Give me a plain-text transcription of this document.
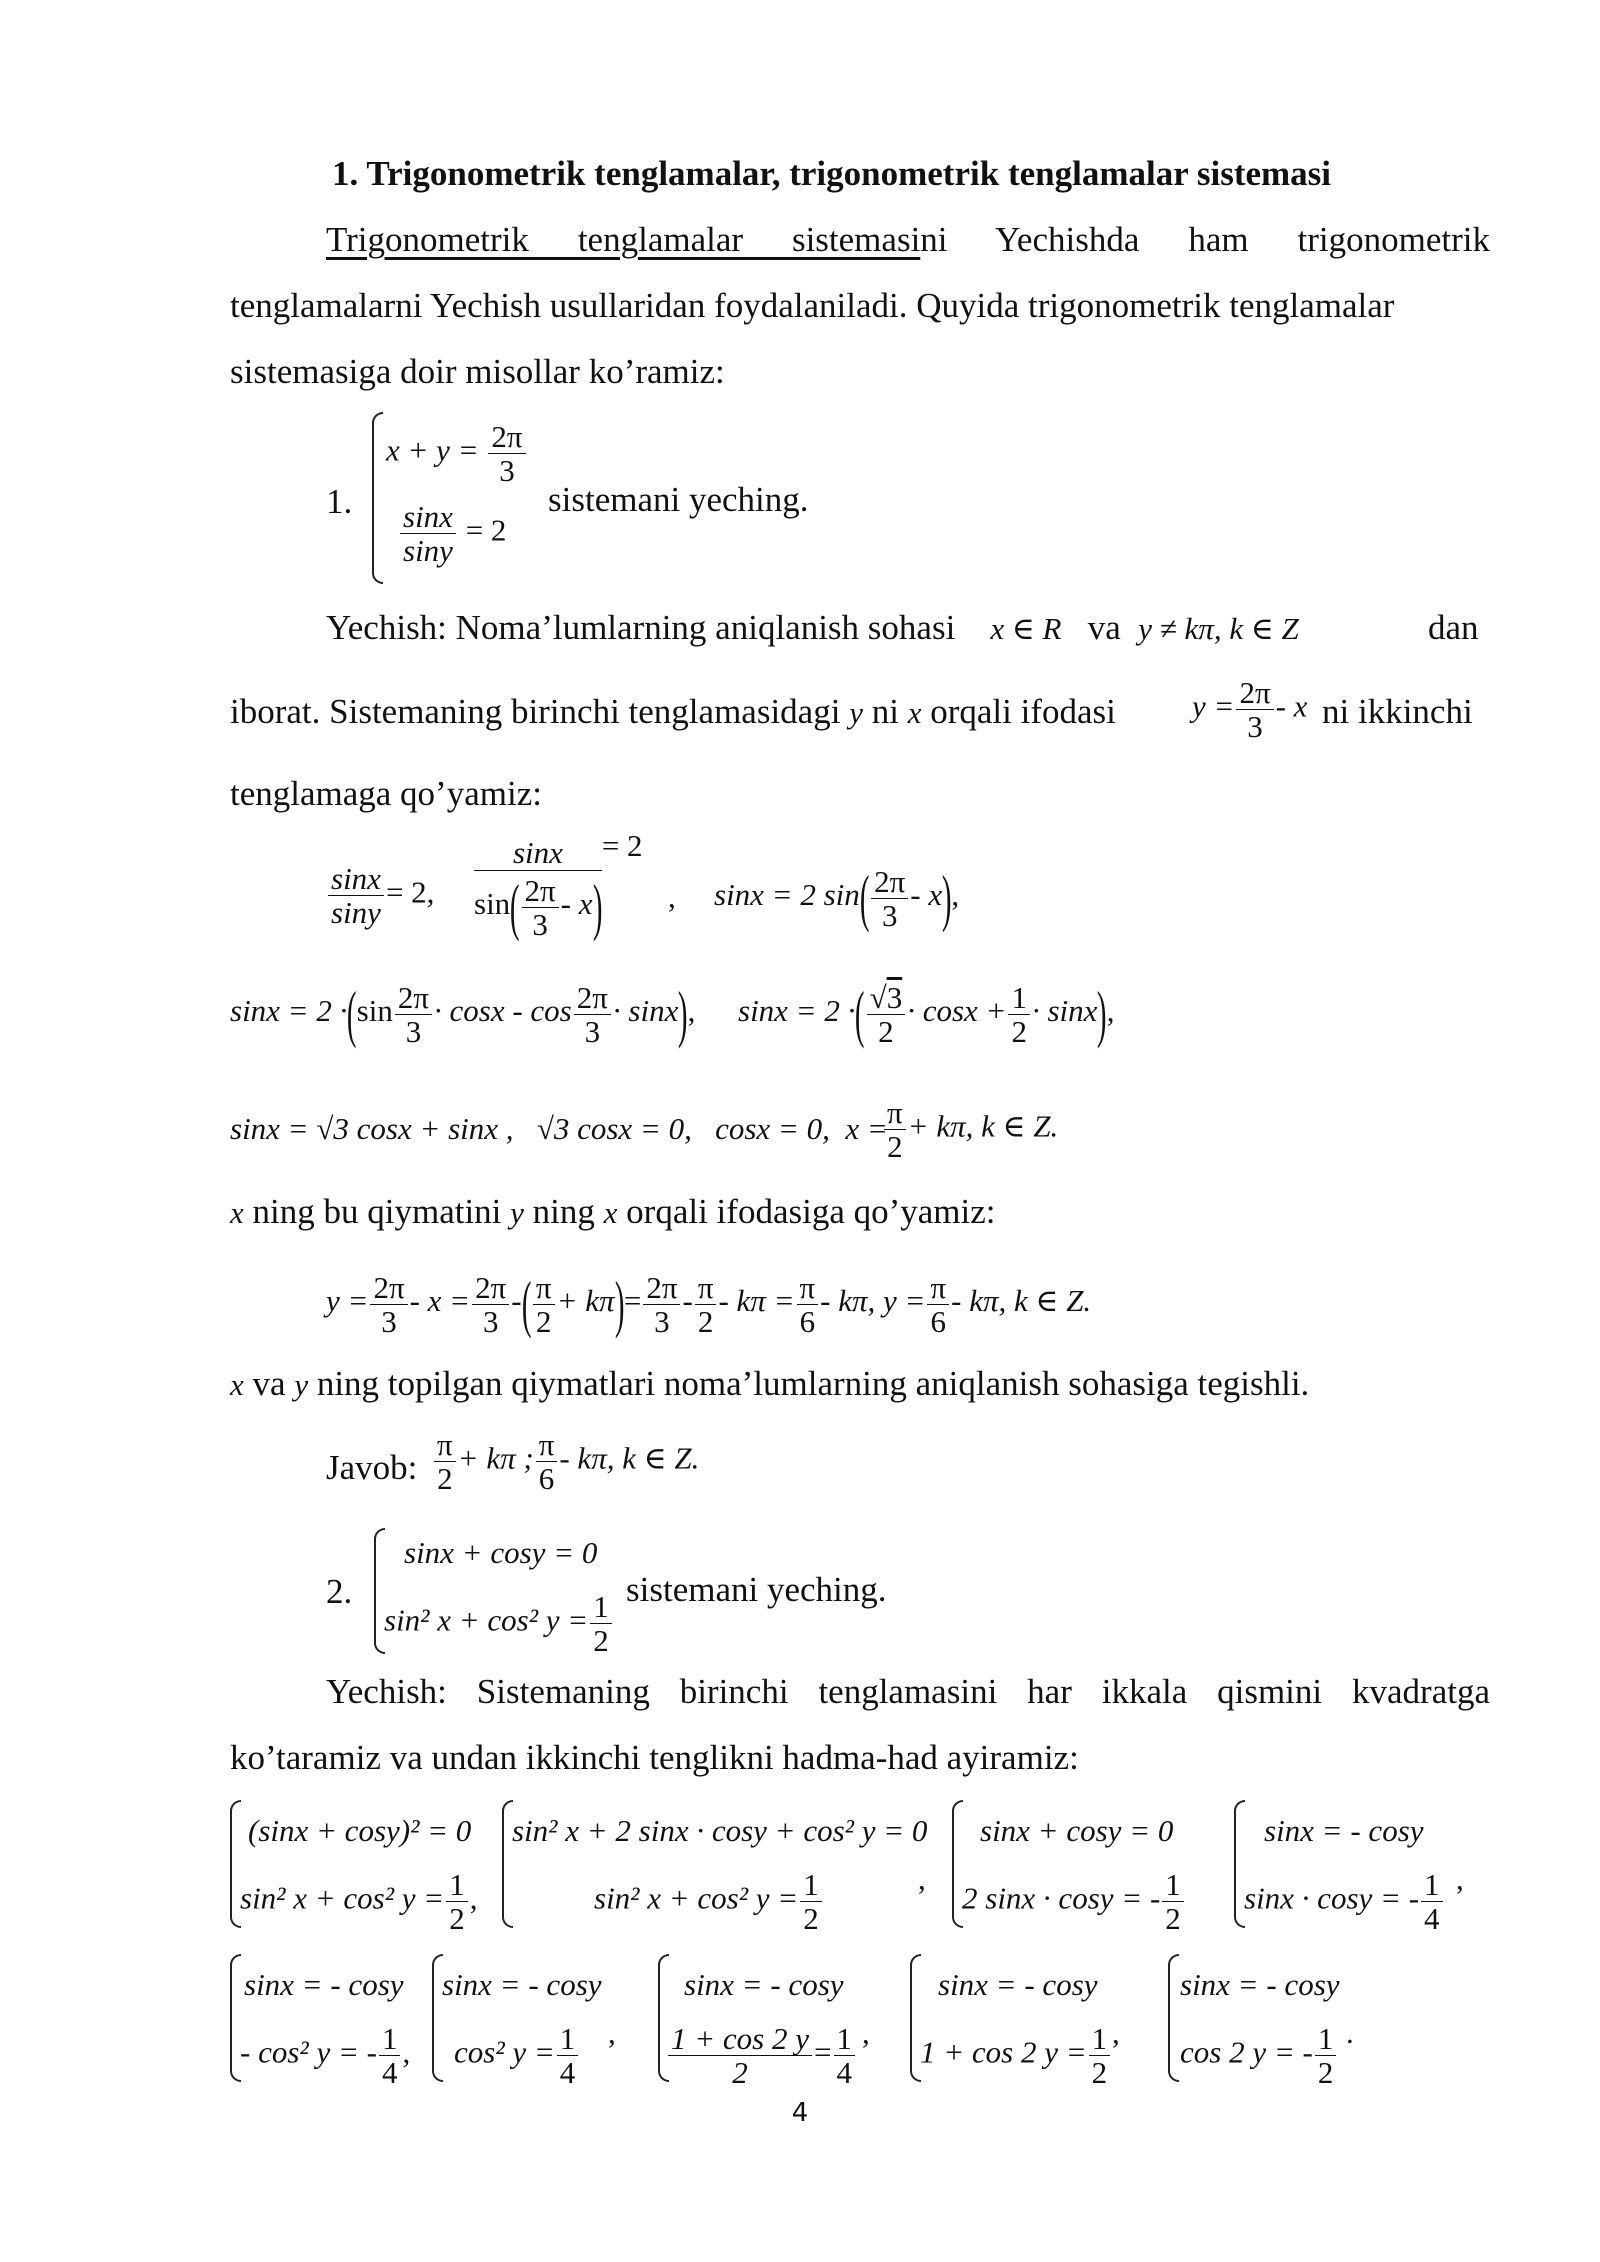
1. Trigonometrik tenglamalar, trigonometrik tenglamalar sistemasi
Trigonometrik tenglamalar sistemasini Yechishda ham trigonometrik
tenglamalarni Yechish usullaridan foydalaniladi. Quyida trigonometrik tenglamalar
sistemasiga doir misollar ko’ramiz:
1.
$x + y = \frac{2\pi}{3}$
$\frac{\sin x}{\sin y} = 2$
sistemani yeching.
Yechish: Noma’lumlarning aniqlanish sohasi x ∈ R va y ≠ kπ, k ∈ Z	dan
iborat. Sistemaning birinchi tenglamasidagi y ni x orqali ifodasi $y = \frac{2\pi}{3} - x$ ni ikkinchi
tenglamaga qo’yamiz:
$\frac{\sin x}{\sin y} = 2$, $\frac{\sin x}{\sin( \frac{2\pi}{3} - x)} = 2$
, sinx = 2 $\sin( \frac{2\pi}{3} - x)$,
$\sin x = 2 \cdot(\sin \frac{2\pi}{3} \cdot \cos x - \cos \frac{2\pi}{3} \cdot \sin x)$, sinx = 2 ·( $\frac{√3}{2} \cdot \cos x + \frac{1}{2} \cdot \sin x$),
sinx = √3 cosx + sinx , √3 cosx = 0, cosx = 0, x =
$\frac{\pi}{2} + k\pi$, k ∈ Z.
x ning bu qiymatini y ning x orqali ifodasiga qo’yamiz:
$y = \frac{2\pi}{3} - x = \frac{2\pi}{3}$ -( $\frac{\pi}{2} + k\pi)= \frac{2\pi}{3} - \frac{\pi}{2} - k\pi = \frac{\pi}{6} - k\pi$, $y = \frac{\pi}{6} - k\pi$, k ∈ Z.
x va y ning topilgan qiymatlari noma’lumlarning aniqlanish sohasiga tegishli.
Javob: $\frac{\pi}{2} + k\pi$ ; $\frac{\pi}{6}$ - kπ, k ∈ Z.
2.
sinx + cosy = 0
sin² x + cos² $y = \frac{1}{2}$
sistemani yeching.
Yechish: Sistemaning birinchi tenglamasini har ikkala qismini kvadratga
ko’taramiz va undan ikkinchi tenglikni hadma-had ayiramiz:
(sinx + cosy)² = 0
sin² x + cos² $y = \frac{1}{2}$ ,
sin² x + 2 sinx · cosy + cos² y = 0
sin² x + cos² $y = \frac{1}{2}$	,
sinx + cosy = 0
2 sinx · cosy = - $\frac{1}{2}$
sinx = - cosy
sinx · cosy = - $\frac{1}{4}$ ,
sinx = - cosy
- cos² y = - $\frac{1}{4}$ ,
sinx = - cosy
cos² $y = \frac{1}{4}$ ,
sinx = - cosy
$\frac{1 + \cos 2 y}{2} = \frac{1}{4}$ ,
sinx = - cosy
1 + cos 2 $y = \frac{1}{2}$ ,
sinx = - cosy
cos 2 y = - $\frac{1}{2}$ .
4
